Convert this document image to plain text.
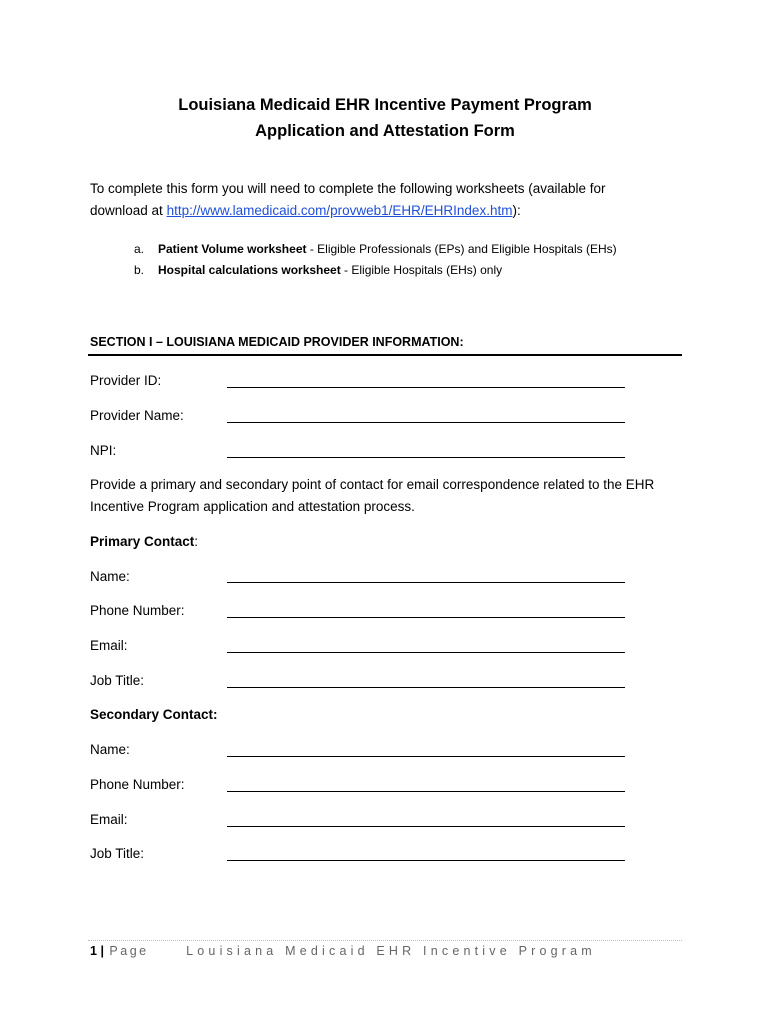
Louisiana Medicaid EHR Incentive Payment Program
Application and Attestation Form
To complete this form you will need to complete the following worksheets (available for
download at http://www.lamedicaid.com/provweb1/EHR/EHRIndex.htm):
a. Patient Volume worksheet - Eligible Professionals (EPs) and Eligible Hospitals (EHs)
b. Hospital calculations worksheet - Eligible Hospitals (EHs) only
SECTION I – LOUISIANA MEDICAID PROVIDER INFORMATION:
Provider ID:
Provider Name:
NPI:
Provide a primary and secondary point of contact for email correspondence related to the EHR
Incentive Program application and attestation process.
Primary Contact:
Name:
Phone Number:
Email:
Job Title:
Secondary Contact:
Name:
Phone Number:
Email:
Job Title:
1 | Page	Louisiana Medicaid EHR Incentive Program
